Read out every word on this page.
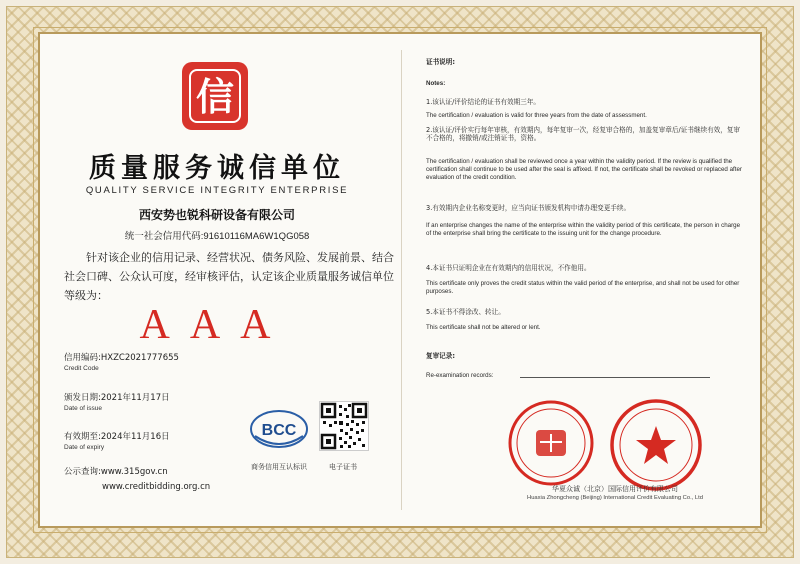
信
质量服务诚信单位
QUALITY SERVICE INTEGRITY ENTERPRISE
西安势也锐科研设备有限公司
统一社会信用代码:91610116MA6W1QG058
针对该企业的信用记录、经营状况、债务风险、发展前景、结合社会口碑、公众认可度，经审核评估，认定该企业质量服务诚信单位等级为：
AAA
信用编码:HXZC2021777655
Credit Code
颁发日期:2021年11月17日
Date of issue
有效期至:2024年11月16日
Date of expiry
公示查询:www.315gov.cn
www.creditbidding.org.cn
BCC
商务信用互认标识	电子证书
证书说明:
Notes:
1.该认证/评价结论的证书有效期三年。
The certification / evaluation is valid for three years from the date of assessment.
2.该认证/评价实行每年审核，有效期内，每年复审一次，经复审合格的，加盖复审章后/证书继续有效，复审不合格的，将撤销/或注销证书，资格。
The certification / evaluation shall be reviewed once a year within the validity period. If the review is qualified the certification shall continue to be used after the seal is affixed. If not, the certificate shall be revoked or replaced after evaluation of the credit condition.
3.有效期内企业名称变更时，应当向证书颁发机构申请办理变更手续。
If an enterprise changes the name of the enterprise within the validity period of this certificate, the person in charge of the enterprise shall bring the certificate to the issuing unit for the change procedure.
4.本证书只证明企业在有效期内的信用状况，不作他用。
This certificate only proves the credit status within the valid period of the enterprise, and shall not be used for other purposes.
5.本证书不得涂改、转让。
This certificate shall not be altered or lent.
复审记录:
Re-examination records:
华夏众诚（北京）国际信用评价有限公司
Huaxia Zhongcheng (Beijing) International Credit Evaluating Co., Ltd
